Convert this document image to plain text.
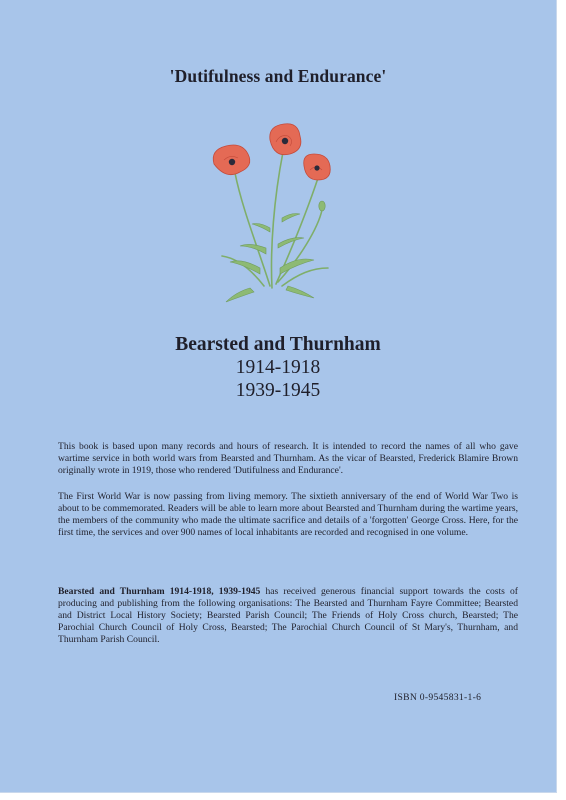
'Dutifulness and Endurance'
Bearsted and Thurnham
1914-1918
1939-1945

This book is based upon many records and hours of research. It is intended to record the names of all who gave wartime service in both world wars from Bearsted and Thurnham. As the vicar of Bearsted, Frederick Blamire Brown originally wrote in 1919, those who rendered 'Dutifulness and Endurance'.

The First World War is now passing from living memory. The sixtieth anniversary of the end of World War Two is about to be commemorated. Readers will be able to learn more about Bearsted and Thurnham during the wartime years, the members of the community who made the ultimate sacrifice and details of a 'forgotten' George Cross. Here, for the first time, the services and over 900 names of local inhabitants are recorded and recognised in one volume.

Bearsted and Thurnham 1914-1918, 1939-1945 has received generous financial support towards the costs of producing and publishing from the following organisations: The Bearsted and Thurnham Fayre Committee; Bearsted and District Local History Society; Bearsted Parish Council; The Friends of Holy Cross church, Bearsted; The Parochial Church Council of Holy Cross, Bearsted; The Parochial Church Council of St Mary's, Thurnham, and Thurnham Parish Council.

ISBN 0-9545831-1-6
